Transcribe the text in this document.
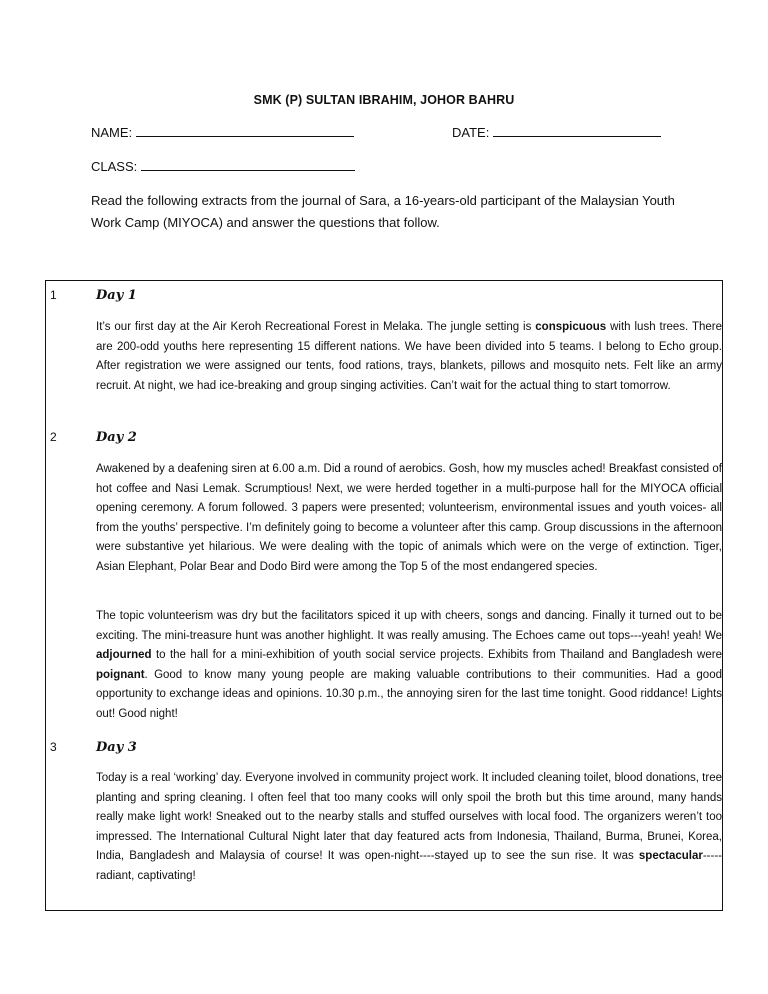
SMK (P) SULTAN IBRAHIM, JOHOR BAHRU
NAME:	DATE:
CLASS:
Read the following extracts from the journal of Sara, a 16-years-old participant of the Malaysian Youth Work Camp (MIYOCA) and answer the questions that follow.
1	Day 1
It’s our first day at the Air Keroh Recreational Forest in Melaka. The jungle setting is conspicuous with lush trees. There are 200-odd youths here representing 15 different nations. We have been divided into 5 teams. I belong to Echo group. After registration we were assigned our tents, food rations, trays, blankets, pillows and mosquito nets. Felt like an army recruit. At night, we had ice-breaking and group singing activities. Can’t wait for the actual thing to start tomorrow.
2	Day 2
Awakened by a deafening siren at 6.00 a.m. Did a round of aerobics. Gosh, how my muscles ached! Breakfast consisted of hot coffee and Nasi Lemak. Scrumptious! Next, we were herded together in a multi-purpose hall for the MIYOCA official opening ceremony. A forum followed. 3 papers were presented; volunteerism, environmental issues and youth voices- all from the youths’ perspective. I’m definitely going to become a volunteer after this camp. Group discussions in the afternoon were substantive yet hilarious. We were dealing with the topic of animals which were on the verge of extinction. Tiger, Asian Elephant, Polar Bear and Dodo Bird were among the Top 5 of the most endangered species.
The topic volunteerism was dry but the facilitators spiced it up with cheers, songs and dancing. Finally it turned out to be exciting. The mini-treasure hunt was another highlight. It was really amusing. The Echoes came out tops---yeah! yeah! We adjourned to the hall for a mini-exhibition of youth social service projects. Exhibits from Thailand and Bangladesh were poignant. Good to know many young people are making valuable contributions to their communities. Had a good opportunity to exchange ideas and opinions. 10.30 p.m., the annoying siren for the last time tonight. Good riddance! Lights out! Good night!
3	Day 3
Today is a real ‘working’ day. Everyone involved in community project work. It included cleaning toilet, blood donations, tree planting and spring cleaning. I often feel that too many cooks will only spoil the broth but this time around, many hands really make light work! Sneaked out to the nearby stalls and stuffed ourselves with local food. The organizers weren’t too impressed. The International Cultural Night later that day featured acts from Indonesia, Thailand, Burma, Brunei, Korea, India, Bangladesh and Malaysia of course! It was open-night----stayed up to see the sun rise. It was spectacular-----radiant, captivating!
